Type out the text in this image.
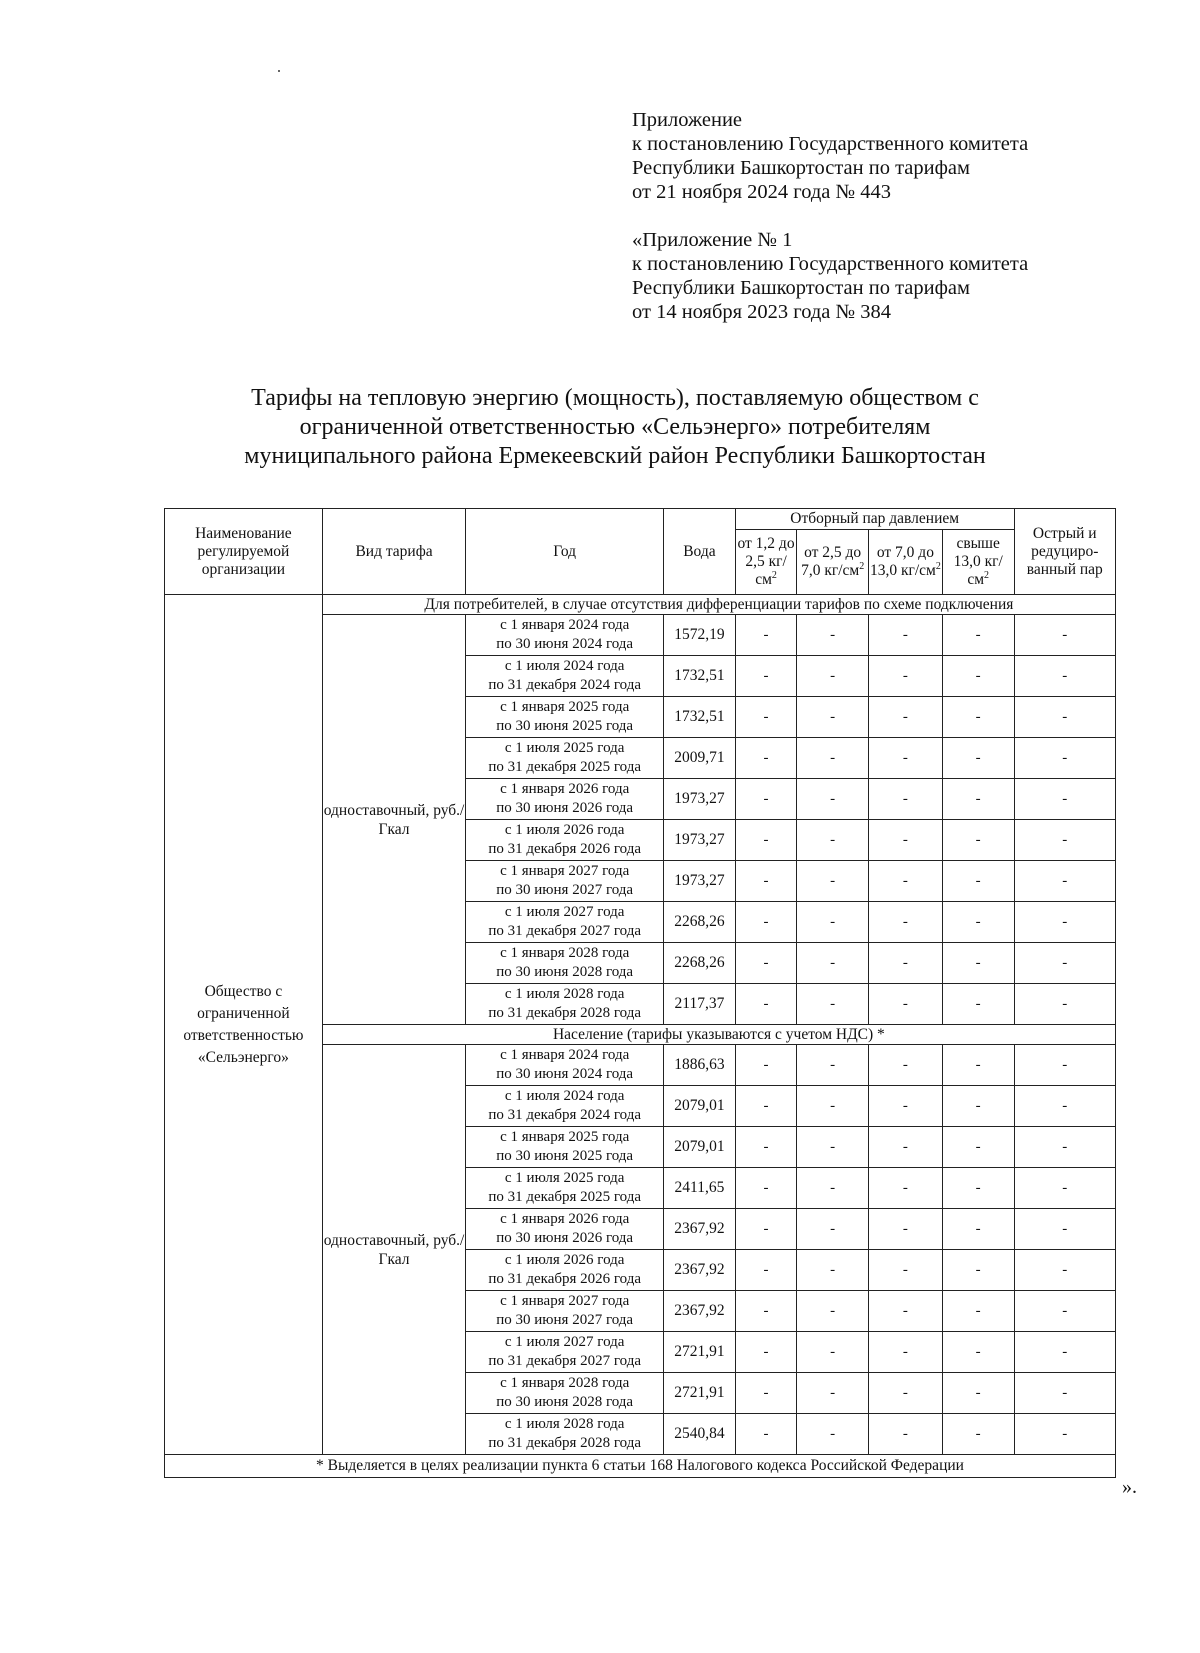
Приложение

к постановлению Государственного комитета

Республики Башкортостан по тарифам

от 21 ноября 2024 года № 443

«Приложение № 1

к постановлению Государственного комитета

Республики Башкортостан по тарифам

от 14 ноября 2023 года № 384

Тарифы на тепловую энергию (мощность), поставляемую обществом с

ограниченной ответственностью «Сельэнерго» потребителям

муниципального района Ермекеевский район Республики Башкортостан

Наименование регулируемой организации	Вид тарифа	Год	Вода	Отборный пар давлением				Острый и редуциро-ванный пар
				от 1,2 до 2,5 $кг/см^2$	от 2,5 до 7,0 $кг/см^2$	от 7,0 до 13,0 $кг/см^2$	свыше 13,0 $кг/см^2$
Общество с ограниченной ответственностью «Сельэнерго»	Для потребителей, в случае отсутствия дифференциации тарифов по схеме подключения							
	одноставочный, руб./Гкал	с 1 января 2024 года
по 30 июня 2024 года	1572,19	-	-	-	-	-

		с 1 июля 2024 года
по 31 декабря 2024 года	1732,51	-	-	-	-	-

		с 1 января 2025 года
по 30 июня 2025 года	1732,51	-	-	-	-	-

		с 1 июля 2025 года
по 31 декабря 2025 года	2009,71	-	-	-	-	-

		с 1 января 2026 года
по 30 июня 2026 года	1973,27	-	-	-	-	-

		с 1 июля 2026 года
по 31 декабря 2026 года	1973,27	-	-	-	-	-

		с 1 января 2027 года
по 30 июня 2027 года	1973,27	-	-	-	-	-

		с 1 июля 2027 года
по 31 декабря 2027 года	2268,26	-	-	-	-	-

		с 1 января 2028 года
по 30 июня 2028 года	2268,26	-	-	-	-	-

		с 1 июля 2028 года
по 31 декабря 2028 года	2117,37	-	-	-	-	-
	Население (тарифы указываются с учетом НДС) *							
	одноставочный, руб./Гкал	с 1 января 2024 года
по 30 июня 2024 года	1886,63	-	-	-	-	-

		с 1 июля 2024 года
по 31 декабря 2024 года	2079,01	-	-	-	-	-

		с 1 января 2025 года
по 30 июня 2025 года	2079,01	-	-	-	-	-

		с 1 июля 2025 года
по 31 декабря 2025 года	2411,65	-	-	-	-	-

		с 1 января 2026 года
по 30 июня 2026 года	2367,92	-	-	-	-	-

		с 1 июля 2026 года
по 31 декабря 2026 года	2367,92	-	-	-	-	-

		с 1 января 2027 года
по 30 июня 2027 года	2367,92	-	-	-	-	-

		с 1 июля 2027 года
по 31 декабря 2027 года	2721,91	-	-	-	-	-

		с 1 января 2028 года
по 30 июня 2028 года	2721,91	-	-	-	-	-

		с 1 июля 2028 года
по 31 декабря 2028 года	2540,84	-	-	-	-	-
* Выделяется в целях реализации пункта 6 статьи 168 Налогового кодекса Российской Федерации								
».
